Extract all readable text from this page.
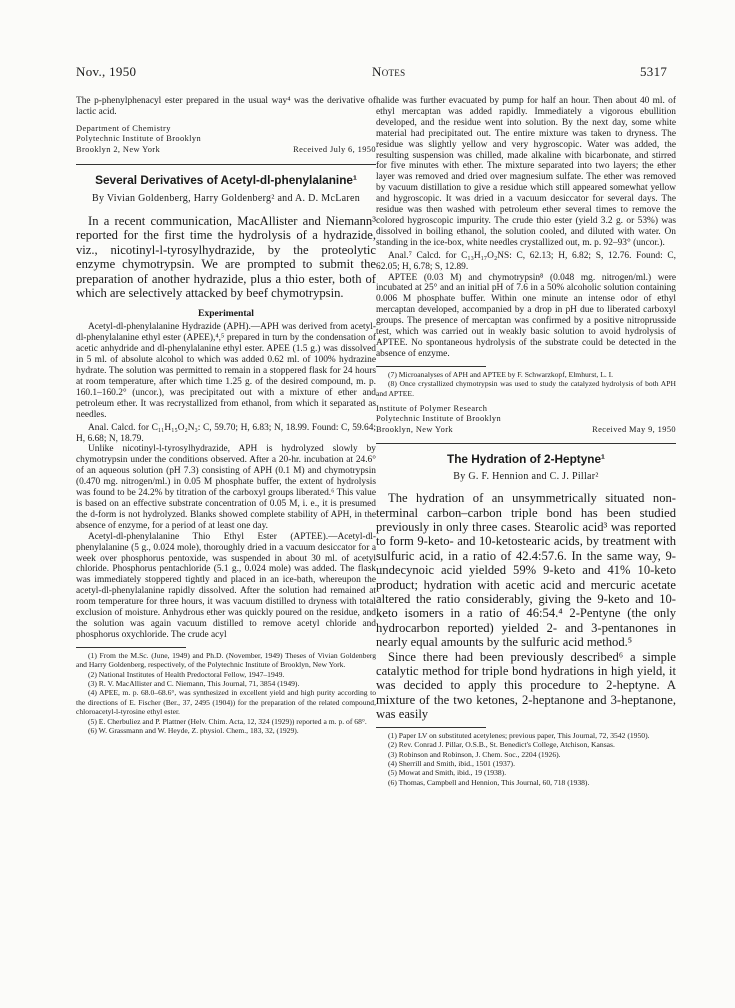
Nov., 1950	Notes	5317

The p-phenylphenacyl ester prepared in the usual way⁴ was the derivative of lactic acid.

Department of Chemistry
Polytechnic Institute of Brooklyn
Brooklyn 2, New York	Received July 6, 1950
Several Derivatives of Acetyl-dl-phenylalanine¹
By Vivian Goldenberg, Harry Goldenberg² and A. D. McLaren

In a recent communication, MacAllister and Niemann³ reported for the first time the hydrolysis of a hydrazide, viz., nicotinyl-l-tyrosylhydrazide, by the proteolytic enzyme chymotrypsin. We are prompted to submit the preparation of another hydrazide, plus a thio ester, both of which are selectively attacked by beef chymotrypsin.

Experimental

Acetyl-dl-phenylalanine Hydrazide (APH).—APH was derived from acetyl-dl-phenylalanine ethyl ester (APEE),⁴,⁵ prepared in turn by the condensation of acetic anhydride and dl-phenylalanine ethyl ester. APEE (1.5 g.) was dissolved in 5 ml. of absolute alcohol to which was added 0.62 ml. of 100% hydrazine hydrate. The solution was permitted to remain in a stoppered flask for 24 hours at room temperature, after which time 1.25 g. of the desired compound, m. p. 160.1–160.2° (uncor.), was precipitated out with a mixture of ether and petroleum ether. It was recrystallized from ethanol, from which it separated as needles.

Anal. Calcd. for C₁₁H₁₅O₂N₃: C, 59.70; H, 6.83; N, 18.99. Found: C, 59.64; H, 6.68; N, 18.79.

Unlike nicotinyl-l-tyrosylhydrazide, APH is hydrolyzed slowly by chymotrypsin under the conditions observed. After a 20-hr. incubation at 24.6° of an aqueous solution (pH 7.3) consisting of APH (0.1 M) and chymotrypsin (0.470 mg. nitrogen/ml.) in 0.05 M phosphate buffer, the extent of hydrolysis was found to be 24.2% by titration of the carboxyl groups liberated.⁶ This value is based on an effective substrate concentration of 0.05 M, i. e., it is presumed the d-form is not hydrolyzed. Blanks showed complete stability of APH, in the absence of enzyme, for a period of at least one day.

Acetyl-dl-phenylalanine Thio Ethyl Ester (APTEE).—Acetyl-dl-phenylalanine (5 g., 0.024 mole), thoroughly dried in a vacuum desiccator for a week over phosphorus pentoxide, was suspended in about 30 ml. of acetyl chloride. Phosphorus pentachloride (5.1 g., 0.024 mole) was added. The flask was immediately stoppered tightly and placed in an ice-bath, whereupon the acetyl-dl-phenylalanine rapidly dissolved. After the solution had remained at room temperature for three hours, it was vacuum distilled to dryness with total exclusion of moisture. Anhydrous ether was quickly poured on the residue, and the solution was again vacuum distilled to remove acetyl chloride and phosphorus oxychloride. The crude acyl

(1) From the M.Sc. (June, 1949) and Ph.D. (November, 1949) Theses of Vivian Goldenberg and Harry Goldenberg, respectively, of the Polytechnic Institute of Brooklyn, New York.

(2) National Institutes of Health Predoctoral Fellow, 1947–1949.

(3) R. V. MacAllister and C. Niemann, This Journal, 71, 3854 (1949).

(4) APEE, m. p. 68.0–68.6°, was synthesized in excellent yield and high purity according to the directions of E. Fischer (Ber., 37, 2495 (1904)) for the preparation of the related compound, chloroacetyl-l-tyrosine ethyl ester.

(5) E. Cherbuliez and P. Plattner (Helv. Chim. Acta, 12, 324 (1929)) reported a m. p. of 68°.

(6) W. Grassmann and W. Heyde, Z. physiol. Chem., 183, 32, (1929).

halide was further evacuated by pump for half an hour. Then about 40 ml. of ethyl mercaptan was added rapidly. Immediately a vigorous ebullition developed, and the residue went into solution. By the next day, some white material had precipitated out. The entire mixture was taken to dryness. The residue was slightly yellow and very hygroscopic. Water was added, the resulting suspension was chilled, made alkaline with bicarbonate, and stirred for five minutes with ether. The mixture separated into two layers; the ether layer was removed and dried over magnesium sulfate. The ether was removed by vacuum distillation to give a residue which still appeared somewhat yellow and hygroscopic. It was dried in a vacuum desiccator for several days. The residue was then washed with petroleum ether several times to remove the colored hygroscopic impurity. The crude thio ester (yield 3.2 g. or 53%) was dissolved in boiling ethanol, the solution cooled, and diluted with water. On standing in the ice-box, white needles crystallized out, m. p. 92–93° (uncor.).

Anal.⁷ Calcd. for C₁₃H₁₇O₂NS: C, 62.13; H, 6.82; S, 12.76. Found: C, 62.05; H, 6.78; S, 12.89.

APTEE (0.03 M) and chymotrypsin⁸ (0.048 mg. nitrogen/ml.) were incubated at 25° and an initial pH of 7.6 in a 50% alcoholic solution containing 0.006 M phosphate buffer. Within one minute an intense odor of ethyl mercaptan developed, accompanied by a drop in pH due to liberated carboxyl groups. The presence of mercaptan was confirmed by a positive nitroprusside test, which was carried out in weakly basic solution to avoid hydrolysis of APTEE. No spontaneous hydrolysis of the substrate could be detected in the absence of enzyme.

(7) Microanalyses of APH and APTEE by F. Schwarzkopf, Elmhurst, L. I.

(8) Once crystallized chymotrypsin was used to study the catalyzed hydrolysis of both APH and APTEE.

Institute of Polymer Research
Polytechnic Institute of Brooklyn
Brooklyn, New York	Received May 9, 1950
The Hydration of 2-Heptyne¹
By G. F. Hennion and C. J. Pillar²

The hydration of an unsymmetrically situated non-terminal carbon–carbon triple bond has been studied previously in only three cases. Stearolic acid³ was reported to form 9-keto- and 10-ketostearic acids, by treatment with sulfuric acid, in a ratio of 42.4:57.6. In the same way, 9-undecynoic acid yielded 59% 9-keto and 41% 10-keto product; hydration with acetic acid and mercuric acetate altered the ratio considerably, giving the 9-keto and 10-keto isomers in a ratio of 46:54.⁴ 2-Pentyne (the only hydrocarbon reported) yielded 2- and 3-pentanones in nearly equal amounts by the sulfuric acid method.⁵

Since there had been previously described⁶ a simple catalytic method for triple bond hydrations in high yield, it was decided to apply this procedure to 2-heptyne. A mixture of the two ketones, 2-heptanone and 3-heptanone, was easily

(1) Paper LV on substituted acetylenes; previous paper, This Journal, 72, 3542 (1950).

(2) Rev. Conrad J. Pillar, O.S.B., St. Benedict's College, Atchison, Kansas.

(3) Robinson and Robinson, J. Chem. Soc., 2204 (1926).

(4) Sherrill and Smith, ibid., 1501 (1937).

(5) Mowat and Smith, ibid., 19 (1938).

(6) Thomas, Campbell and Hennion, This Journal, 60, 718 (1938).
